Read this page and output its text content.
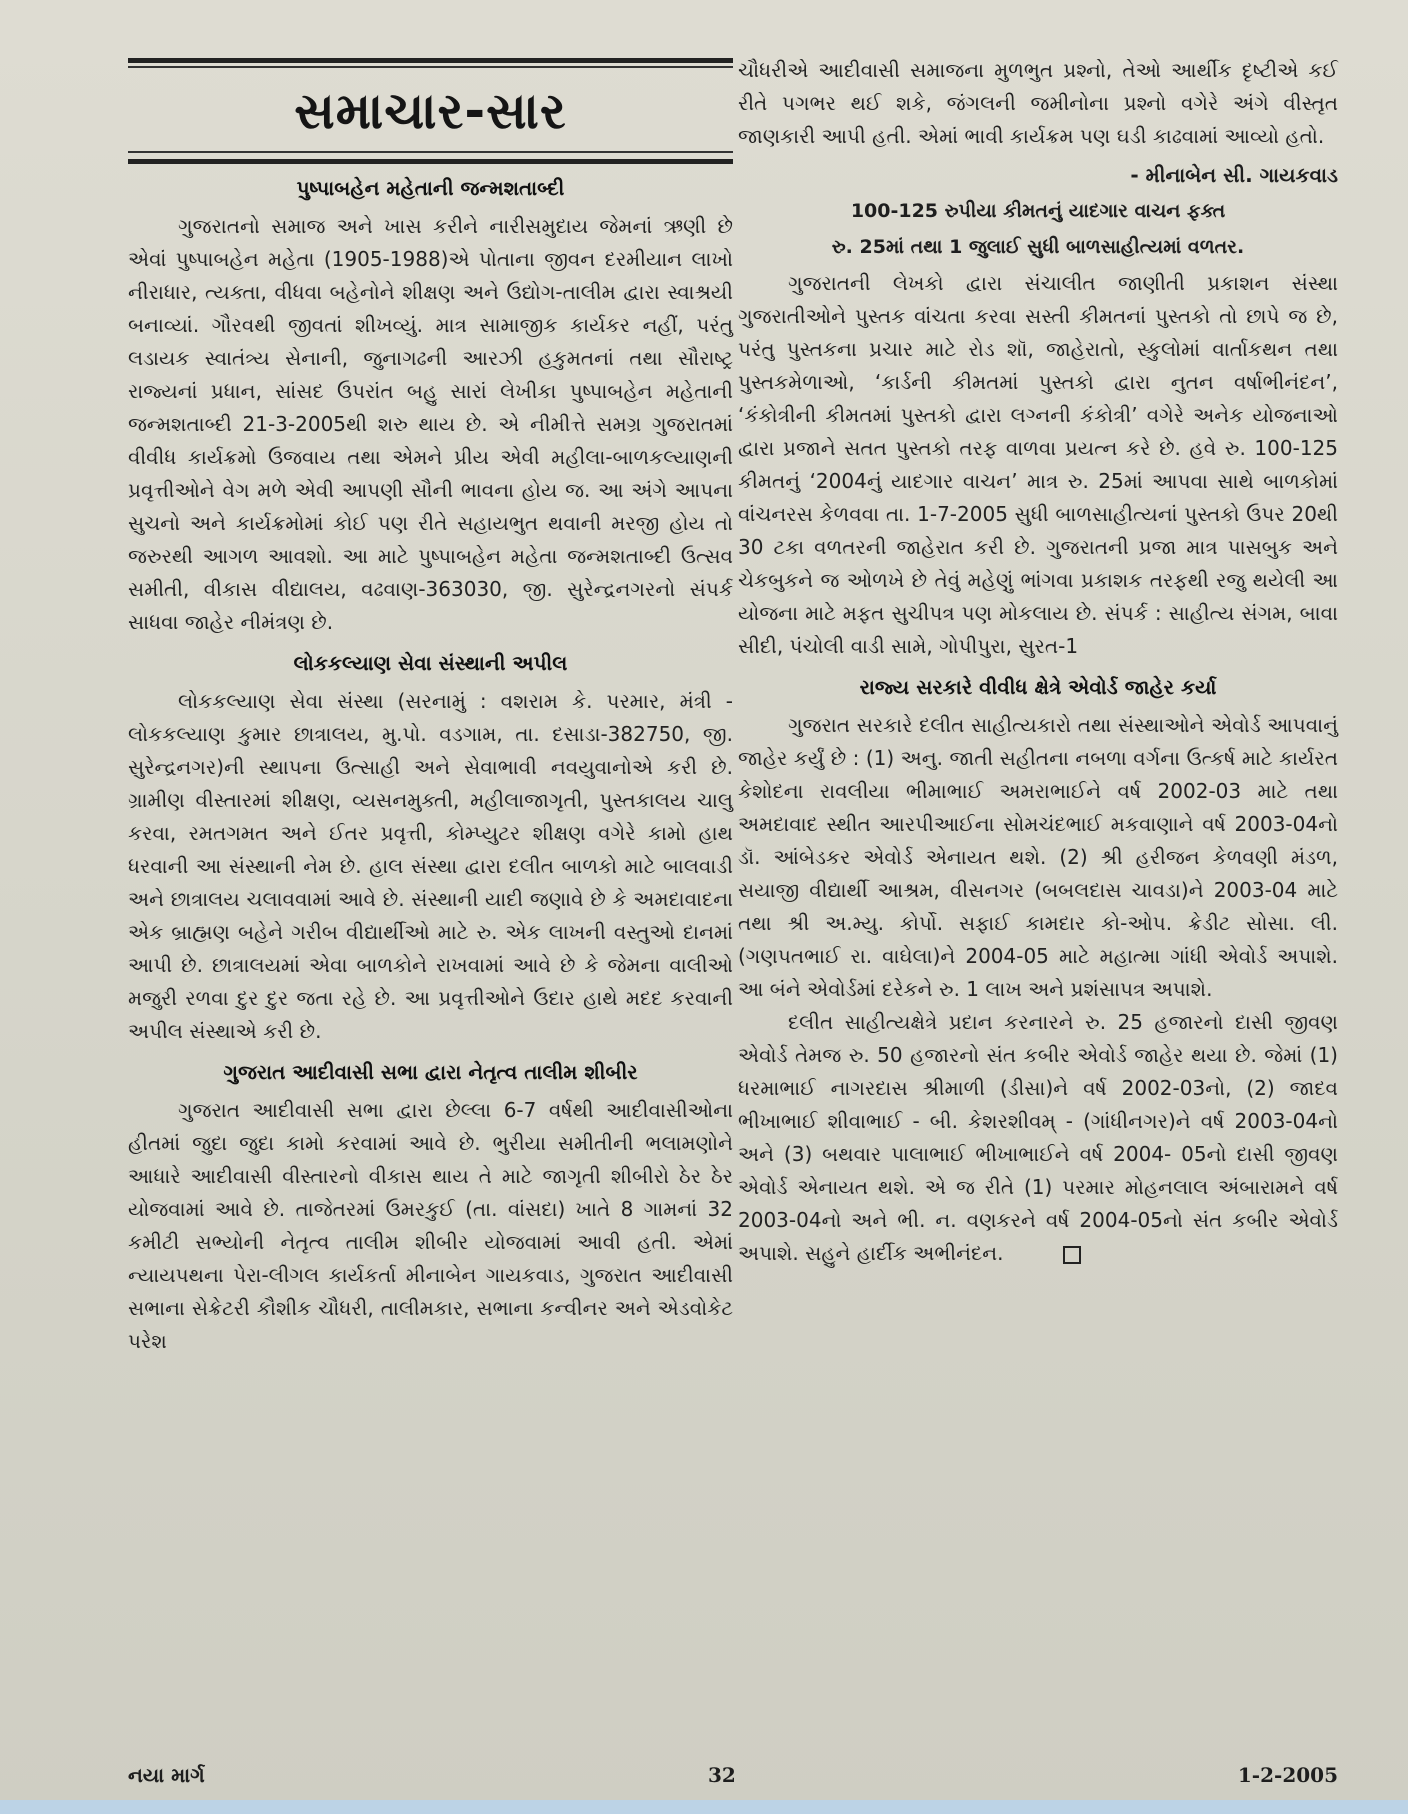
સમાચાર-સાર
પુષ્પાબહેન મહેતાની જન્મશતાબ્દી

ગુજરાતનો સમાજ અને ખાસ કરીને નારીસમુદાય જેમનાં ઋણી છે એવાં પુષ્પાબહેન મહેતા (1905-1988)એ પોતાના જીવન દરમીયાન લાખો નીરાધાર, ત્યક્તા, વીધવા બહેનોને શીક્ષણ અને ઉદ્યોગ-તાલીમ દ્વારા સ્વાશ્રયી બનાવ્યાં. ગૌરવથી જીવતાં શીખવ્યું. માત્ર સામાજીક કાર્યકર નહીં, પરંતુ લડાયક સ્વાતંત્ર્ય સેનાની, જુનાગઢની આરઝી હકુમતનાં તથા સૌરાષ્ટ્ર રાજ્યનાં પ્રધાન, સાંસદ ઉપરાંત બહુ સારાં લેખીકા પુષ્પાબહેન મહેતાની જન્મશતાબ્દી 21-3-2005થી શરુ થાય છે. એ નીમીત્તે સમગ્ર ગુજરાતમાં વીવીધ કાર્યક્રમો ઉજવાય તથા એમને પ્રીય એવી મહીલા-બાળકલ્યાણની પ્રવૃત્તીઓને વેગ મળે એવી આપણી સૌની ભાવના હોય જ. આ અંગે આપના સુચનો અને કાર્યક્રમોમાં કોઈ પણ રીતે સહાયભુત થવાની મરજી હોય તો જરુરથી આગળ આવશો. આ માટે પુષ્પાબહેન મહેતા જન્મશતાબ્દી ઉત્સવ સમીતી, વીકાસ વીદ્યાલય, વઢવાણ-363030, જી. સુરેન્દ્રનગરનો સંપર્ક સાધવા જાહેર નીમંત્રણ છે.

લોકકલ્યાણ સેવા સંસ્થાની અપીલ

લોકકલ્યાણ સેવા સંસ્થા (સરનામું : વશરામ કે. પરમાર, મંત્રી - લોકકલ્યાણ કુમાર છાત્રાલય, મુ.પો. વડગામ, તા. દસાડા-382750, જી. સુરેન્દ્રનગર)ની સ્થાપના ઉત્સાહી અને સેવાભાવી નવયુવાનોએ કરી છે. ગ્રામીણ વીસ્તારમાં શીક્ષણ, વ્યસનમુક્તી, મહીલાજાગૃતી, પુસ્તકાલય ચાલુ કરવા, રમતગમત અને ઈતર પ્રવૃત્તી, કોમ્પ્યુટર શીક્ષણ વગેરે કામો હાથ ધરવાની આ સંસ્થાની નેમ છે. હાલ સંસ્થા દ્વારા દલીત બાળકો માટે બાલવાડી અને છાત્રાલય ચલાવવામાં આવે છે. સંસ્થાની યાદી જણાવે છે કે અમદાવાદના એક બ્રાહ્મણ બહેને ગરીબ વીદ્યાર્થીઓ માટે રુ. એક લાખની વસ્તુઓ દાનમાં આપી છે. છાત્રાલયમાં એવા બાળકોને રાખવામાં આવે છે કે જેમના વાલીઓ મજુરી રળવા દુર દુર જતા રહે છે. આ પ્રવૃત્તીઓને ઉદાર હાથે મદદ કરવાની અપીલ સંસ્થાએ કરી છે.

ગુજરાત આદીવાસી સભા દ્વારા નેતૃત્વ તાલીમ શીબીર

ગુજરાત આદીવાસી સભા દ્વારા છેલ્લા 6-7 વર્ષથી આદીવાસીઓના હીતમાં જુદા જુદા કામો કરવામાં આવે છે. ભુરીયા સમીતીની ભલામણોને આધારે આદીવાસી વીસ્તારનો વીકાસ થાય તે માટે જાગૃતી શીબીરો ઠેર ઠેર યોજવામાં આવે છે. તાજેતરમાં ઉમરકુઈ (તા. વાંસદા) ખાતે 8 ગામનાં 32 કમીટી સભ્યોની નેતૃત્વ તાલીમ શીબીર યોજવામાં આવી હતી. એમાં ન્યાયપથના પેરા-લીગલ કાર્યકર્તા મીનાબેન ગાયકવાડ, ગુજરાત આદીવાસી સભાના સેક્રેટરી કૌશીક ચૌધરી, તાલીમકાર, સભાના કન્વીનર અને એડવોકેટ પરેશ

ચૌધરીએ આદીવાસી સમાજના મુળભુત પ્રશ્નો, તેઓ આર્થીક દૃષ્ટીએ કઈ રીતે પગભર થઈ શકે, જંગલની જમીનોના પ્રશ્નો વગેરે અંગે વીસ્તૃત જાણકારી આપી હતી. એમાં ભાવી કાર્યક્રમ પણ ઘડી કાઢવામાં આવ્યો હતો.

- મીનાબેન સી. ગાયકવાડ
100-125 રુપીયા કીમતનું યાદગાર વાચન ફક્ત
રુ. 25માં તથા 1 જુલાઈ સુધી બાળસાહીત્યમાં વળતર.

ગુજરાતની લેખકો દ્વારા સંચાલીત જાણીતી પ્રકાશન સંસ્થા ગુજરાતીઓને પુસ્તક વાંચતા કરવા સસ્તી કીમતનાં પુસ્તકો તો છાપે જ છે, પરંતુ પુસ્તકના પ્રચાર માટે રોડ શૉ, જાહેરાતો, સ્કુલોમાં વાર્તાકથન તથા પુસ્તકમેળાઓ, ‘કાર્ડની કીમતમાં પુસ્તકો દ્વારા નુતન વર્ષાભીનંદન’, ‘કંકોત્રીની કીમતમાં પુસ્તકો દ્વારા લગ્નની કંકોત્રી’ વગેરે અનેક યોજનાઓ દ્વારા પ્રજાને સતત પુસ્તકો તરફ વાળવા પ્રયત્ન કરે છે. હવે રુ. 100-125 કીમતનું ‘2004નું યાદગાર વાચન’ માત્ર રુ. 25માં આપવા સાથે બાળકોમાં વાંચનરસ કેળવવા તા. 1-7-2005 સુધી બાળસાહીત્યનાં પુસ્તકો ઉપર 20થી 30 ટકા વળતરની જાહેરાત કરી છે. ગુજરાતની પ્રજા માત્ર પાસબુક અને ચેકબુકને જ ઓળખે છે તેવું મહેણું ભાંગવા પ્રકાશક તરફથી રજુ થયેલી આ યોજના માટે મફત સુચીપત્ર પણ મોકલાય છે. સંપર્ક : સાહીત્ય સંગમ, બાવા સીદી, પંચોલી વાડી સામે, ગોપીપુરા, સુરત-1

રાજ્ય સરકારે વીવીધ ક્ષેત્રે એવોર્ડ જાહેર કર્યા

ગુજરાત સરકારે દલીત સાહીત્યકારો તથા સંસ્થાઓને એવોર્ડ આપવાનું જાહેર કર્યું છે : (1) અનુ. જાતી સહીતના નબળા વર્ગના ઉત્કર્ષ માટે કાર્યરત કેશોદના રાવલીયા ભીમાભાઈ અમરાભાઈને વર્ષ 2002-03 માટે તથા અમદાવાદ સ્થીત આરપીઆઈના સોમચંદભાઈ મકવાણાને વર્ષ 2003-04નો ડૉ. આંબેડકર એવોર્ડ એનાયત થશે. (2) શ્રી હરીજન કેળવણી મંડળ, સયાજી વીદ્યાર્થી આશ્રમ, વીસનગર (બબલદાસ ચાવડા)ને 2003-04 માટે તથા શ્રી અ.મ્યુ. કોર્પો. સફાઈ કામદાર કો-ઓપ. ક્રેડીટ સોસા. લી. (ગણપતભાઈ રા. વાઘેલા)ને 2004-05 માટે મહાત્મા ગાંધી એવોર્ડ અપાશે. આ બંને એવોર્ડમાં દરેકને રુ. 1 લાખ અને પ્રશંસાપત્ર અપાશે.

દલીત સાહીત્યક્ષેત્રે પ્રદાન કરનારને રુ. 25 હજારનો દાસી જીવણ એવોર્ડ તેમજ રુ. 50 હજારનો સંત કબીર એવોર્ડ જાહેર થયા છે. જેમાં (1) ધરમાભાઈ નાગરદાસ શ્રીમાળી (ડીસા)ને વર્ષ 2002-03નો, (2) જાદવ ભીખાભાઈ શીવાભાઈ - બી. કેશરશીવમ્ - (ગાંધીનગર)ને વર્ષ 2003-04નો અને (3) બથવાર પાલાભાઈ ભીખાભાઈને વર્ષ 2004- 05નો દાસી જીવણ એવોર્ડ એનાયત થશે. એ જ રીતે (1) પરમાર મોહનલાલ અંબારામને વર્ષ 2003-04નો અને ભી. ન. વણકરને વર્ષ 2004-05નો સંત કબીર એવોર્ડ અપાશે. સહુને હાર્દીક અભીનંદન.

નયા માર્ગ	32	1-2-2005
